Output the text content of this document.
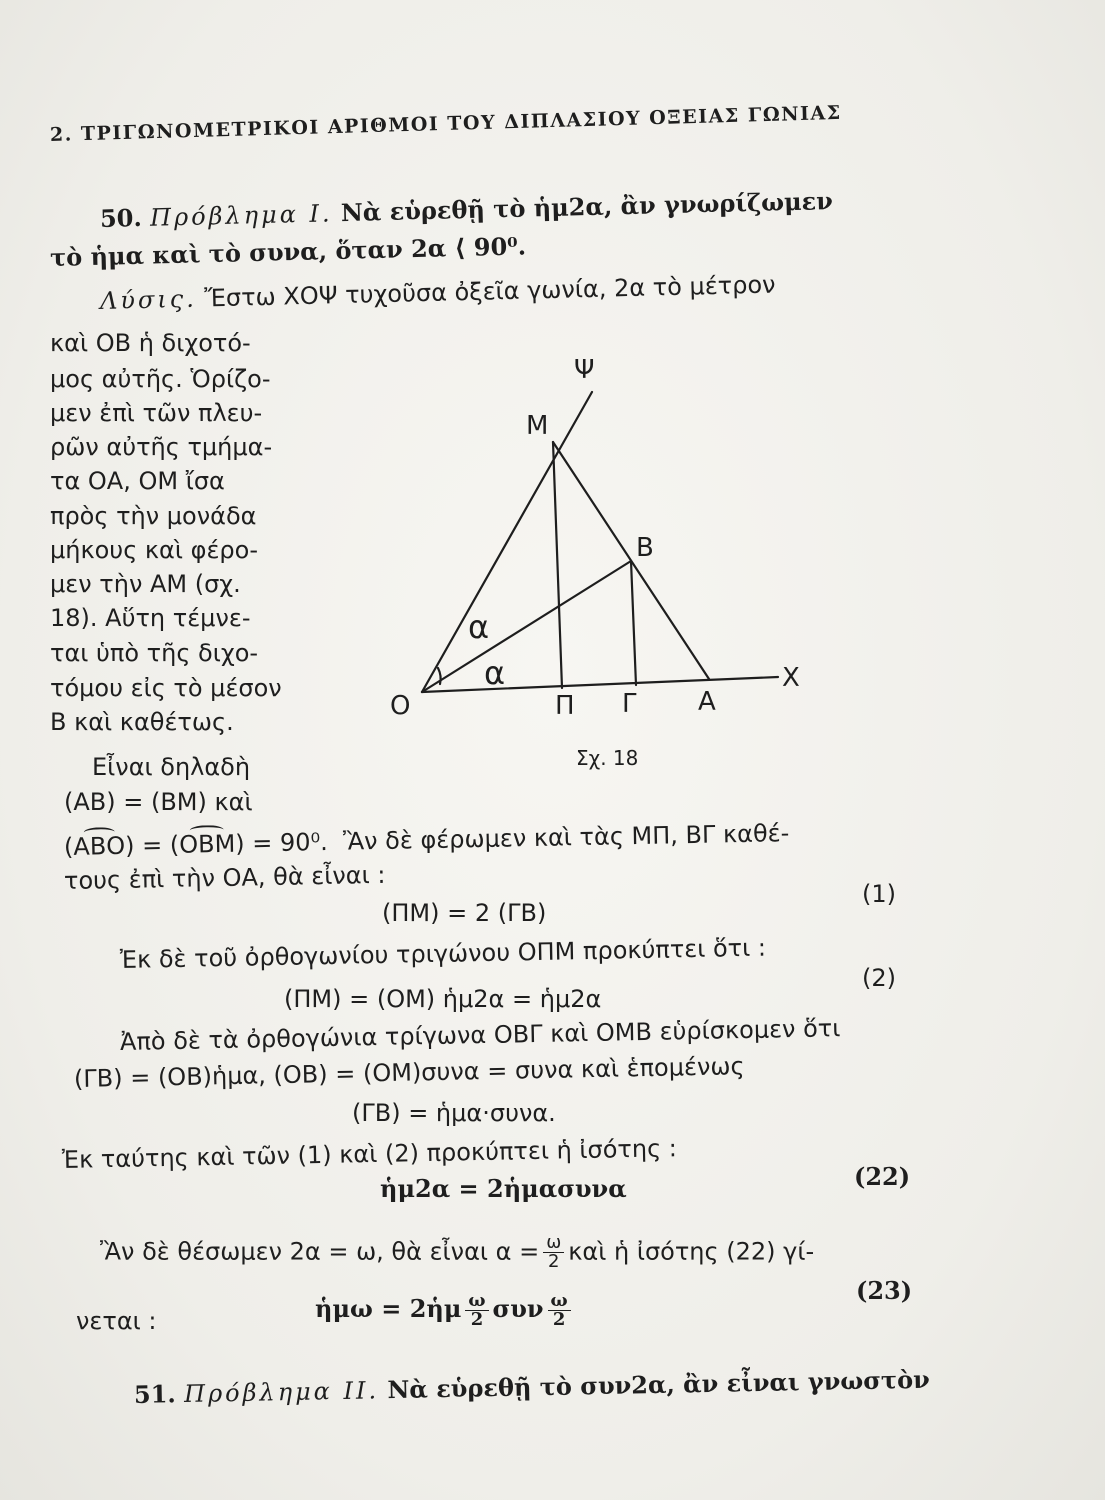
2. ΤΡΙΓΩΝΟΜΕΤΡΙΚΟΙ ΑΡΙΘΜΟΙ ΤΟΥ ΔΙΠΛΑΣΙΟΥ ΟΞΕΙΑΣ ΓΩΝΙΑΣ
50. Πρόβλημα Ι. Νὰ εὑρεθῇ τὸ ἡμ2α, ἂν γνωρίζωμεν
τὸ ἡμα καὶ τὸ συνα, ὅταν 2α ⟨ 90⁰.
Λύσις. Ἔστω ΧΟΨ τυχοῦσα ὀξεῖα γωνία, 2α τὸ μέτρον
καὶ ΟΒ ἡ διχοτό-
μος αὐτῆς. Ὁρίζο-
μεν ἐπὶ τῶν πλευ-
ρῶν αὐτῆς τμήμα-
τα ΟΑ, ΟΜ ἴσα
πρὸς τὴν μονάδα
μήκους καὶ φέρο-
μεν τὴν ΑΜ (σχ.
18). Αὕτη τέμνε-
ται ὑπὸ τῆς διχο-
τόμου εἰς τὸ μέσον
Β καὶ καθέτως.
Ψ
Μ
Β
Χ
Ο	Π Γ Α
α
α
Σχ. 18
Εἶναι δηλαδὴ
(ΑΒ) = (ΒΜ) καὶ
(ΑΒΟ) = (ΟΒΜ) = 90⁰. Ἂν δὲ φέρωμεν καὶ τὰς ΜΠ, ΒΓ καθέ-
τους ἐπὶ τὴν ΟΑ, θὰ εἶναι :
(ΠΜ) = 2 (ΓΒ)
(1)
Ἐκ δὲ τοῦ ὀρθογωνίου τριγώνου ΟΠΜ προκύπτει ὅτι :
(ΠΜ) = (ΟΜ) ἡμ2α = ἡμ2α
(2)
Ἀπὸ δὲ τὰ ὀρθογώνια τρίγωνα ΟΒΓ καὶ ΟΜΒ εὑρίσκομεν ὅτι
(ΓΒ) = (ΟΒ)ἡμα, (ΟΒ) = (ΟΜ)συνα = συνα καὶ ἑπομένως
(ΓΒ) = ἡμα·συνα.
Ἐκ ταύτης καὶ τῶν (1) καὶ (2) προκύπτει ἡ ἰσότης :
ἡμ2α = 2ἡμασυνα	(22)
Ἂν δὲ θέσωμεν 2α = ω, θὰ εἶναι $\alpha = \frac{\omega}{2}$ καὶ ἡ ἰσότης (22) γί-
νεται :	ἡμω = 2ἡμ $\frac{\omega}{2}$ συν $\frac{\omega}{2}$
(23)
51. Πρόβλημα ΙΙ. Νὰ εὑρεθῇ τὸ συν2α, ἂν εἶναι γνωστὸν
